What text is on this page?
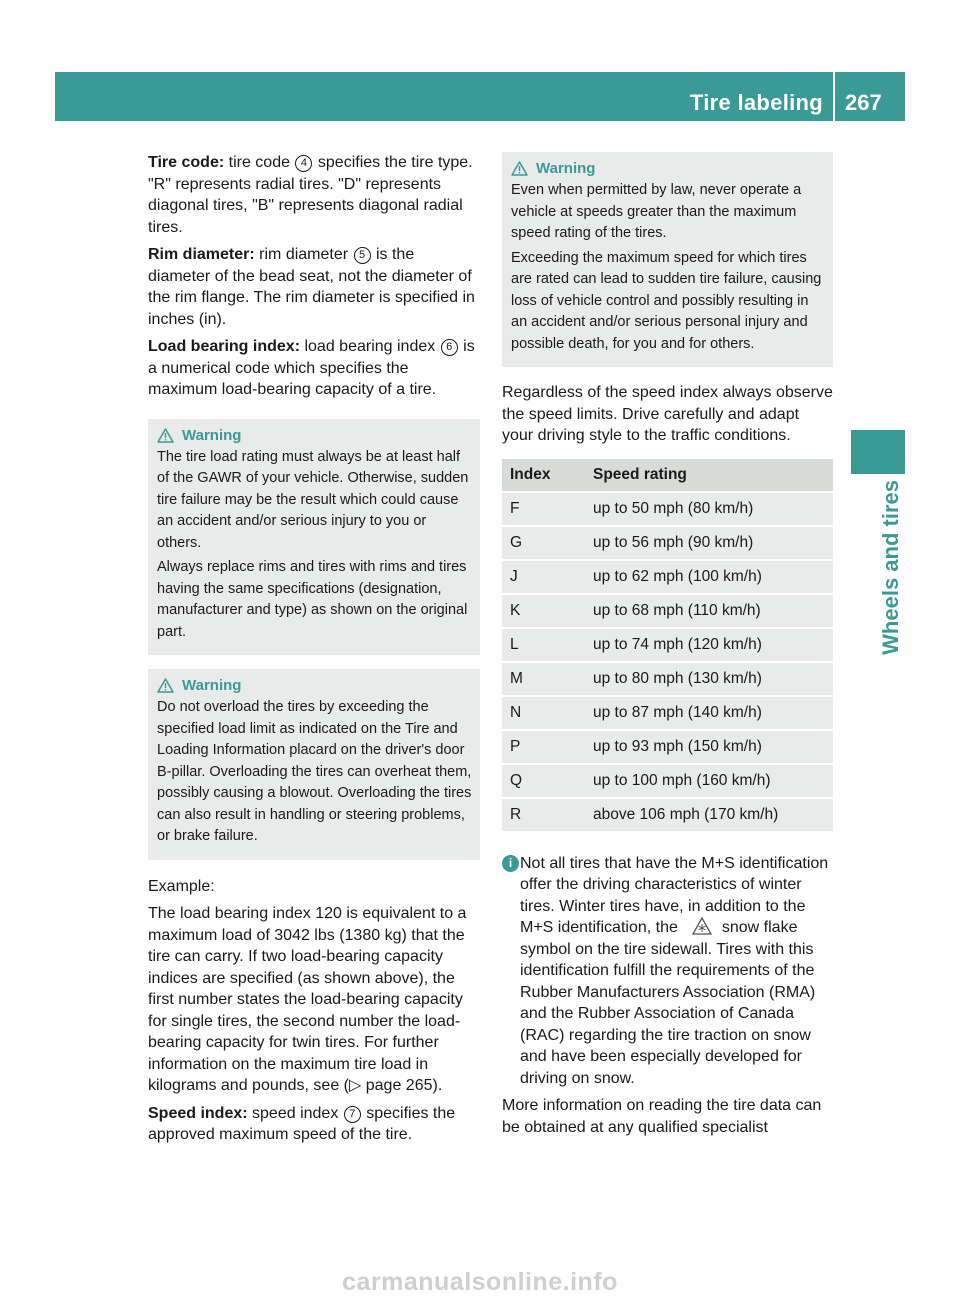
Tire labeling 267
Wheels and tires

Tire code: tire code 4 specifies the tire type. "R" represents radial tires. "D" represents diagonal tires, "B" represents diagonal radial tires.

Rim diameter: rim diameter 5 is the diameter of the bead seat, not the diameter of the rim flange. The rim diameter is specified in inches (in).

Load bearing index: load bearing index 6 is a numerical code which specifies the maximum load-bearing capacity of a tire.

Warning

The tire load rating must always be at least half of the GAWR of your vehicle. Otherwise, sudden tire failure may be the result which could cause an accident and/or serious injury to you or others.

Always replace rims and tires with rims and tires having the same specifications (designation, manufacturer and type) as shown on the original part.

Warning

Do not overload the tires by exceeding the specified load limit as indicated on the Tire and Loading Information placard on the driver's door B-pillar. Overloading the tires can overheat them, possibly causing a blowout. Overloading the tires can also result in handling or steering problems, or brake failure.

Example:

The load bearing index 120 is equivalent to a maximum load of 3042 lbs (1380 kg) that the tire can carry. If two load-bearing capacity indices are specified (as shown above), the first number states the load-bearing capacity for single tires, the second number the load-bearing capacity for twin tires. For further information on the maximum tire load in kilograms and pounds, see (▷ page 265).

Speed index: speed index 7 specifies the approved maximum speed of the tire.

Warning

Even when permitted by law, never operate a vehicle at speeds greater than the maximum speed rating of the tires.

Exceeding the maximum speed for which tires are rated can lead to sudden tire failure, causing loss of vehicle control and possibly resulting in an accident and/or serious personal injury and possible death, for you and for others.

Regardless of the speed index always observe the speed limits. Drive carefully and adapt your driving style to the traffic conditions.

Index	Speed rating
F	up to 50 mph (80 km/h)
G	up to 56 mph (90 km/h)
J	up to 62 mph (100 km/h)
K	up to 68 mph (110 km/h)
L	up to 74 mph (120 km/h)
M	up to 80 mph (130 km/h)
N	up to 87 mph (140 km/h)
P	up to 93 mph (150 km/h)
Q	up to 100 mph (160 km/h)
R	above 106 mph (170 km/h)
i Not all tires that have the M+S identification offer the driving characteristics of winter tires. Winter tires have, in addition to the M+S identification, the	snow flake symbol on the tire sidewall. Tires with this identification fulfill the requirements of the Rubber Manufacturers Association (RMA) and the Rubber Association of Canada (RAC) regarding the tire traction on snow and have been especially developed for driving on snow.

More information on reading the tire data can be obtained at any qualified specialist

carmanualsonline.info
